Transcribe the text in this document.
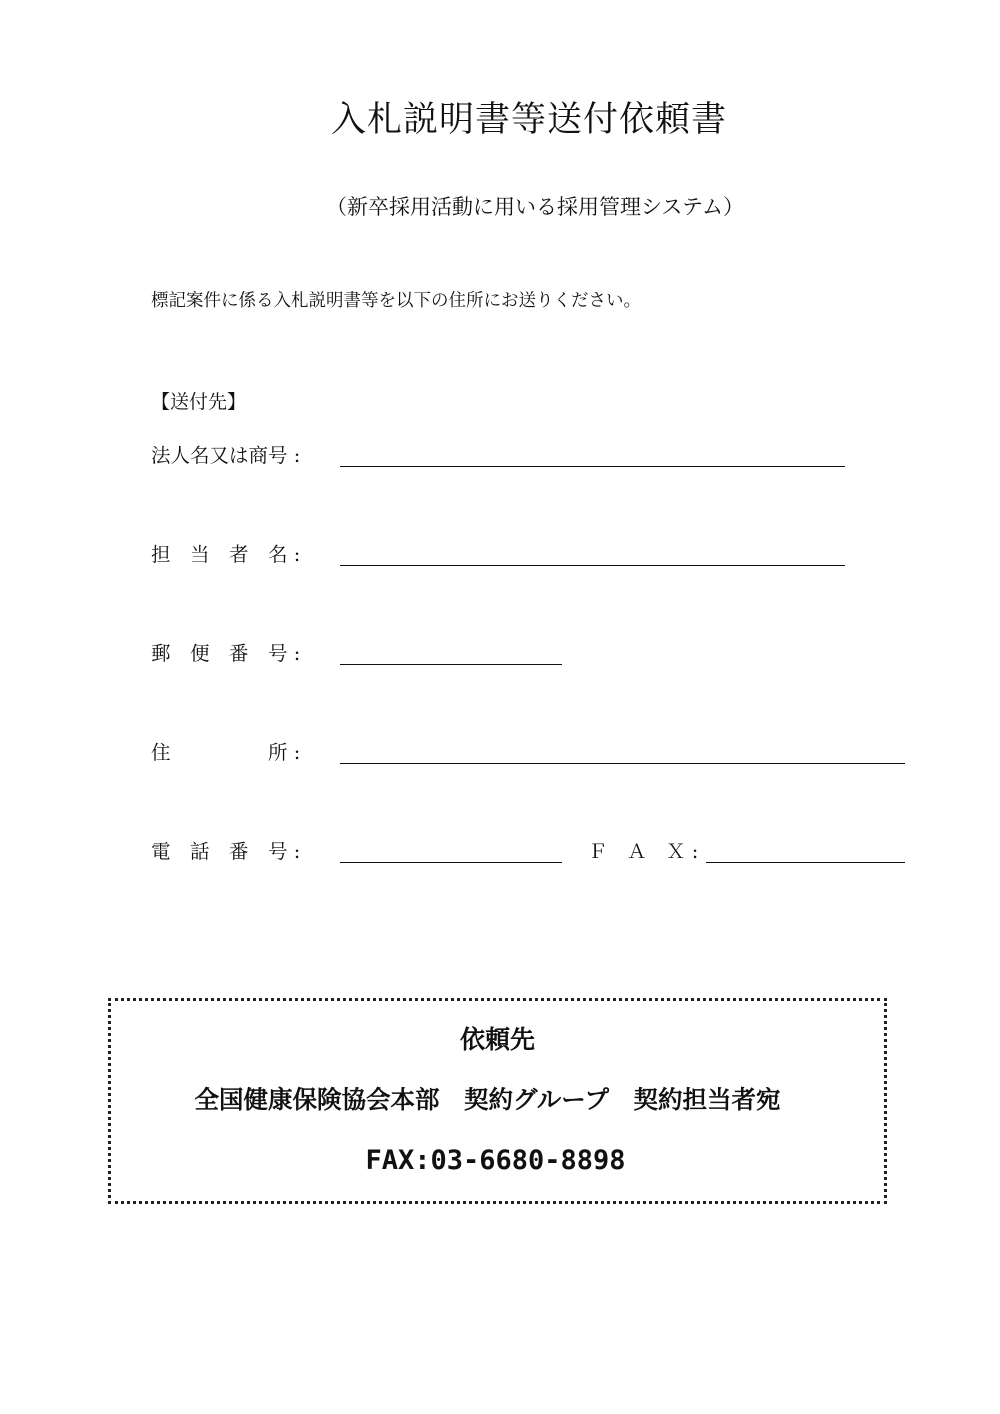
入札説明書等送付依頼書
（新卒採用活動に用いる採用管理システム）
標記案件に係る入札説明書等を以下の住所にお送りください。
【送付先】
法人名又は商号 :
担　当　者　名 :
郵　便　番　号 :
住　　　　　所 :
電　話　番　号 :	Ｆ　Ａ　Ｘ :
依頼先
全国健康保険協会本部　契約グループ　契約担当者宛
FAX:03-6680-8898
